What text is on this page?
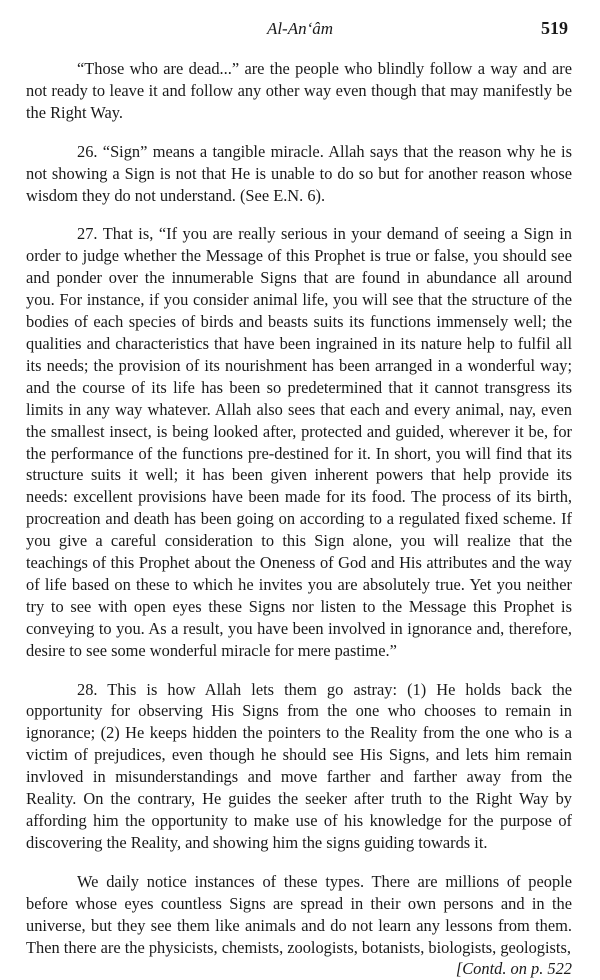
Al-An‘âm	519

“Those who are dead...” are the people who blindly follow a way and are not ready to leave it and follow any other way even though that may manifestly be the Right Way.

26. “Sign” means a tangible miracle. Allah says that the reason why he is not showing a Sign is not that He is unable to do so but for another reason whose wisdom they do not understand. (See E.N. 6).

27. That is, “If you are really serious in your demand of seeing a Sign in order to judge whether the Message of this Prophet is true or false, you should see and ponder over the innumerable Signs that are found in abundance all around you. For instance, if you consider animal life, you will see that the structure of the bodies of each species of birds and beasts suits its functions immensely well; the qualities and characteristics that have been ingrained in its nature help to fulfil all its needs; the provision of its nourishment has been arranged in a wonderful way; and the course of its life has been so predetermined that it cannot transgress its limits in any way whatever. Allah also sees that each and every animal, nay, even the smallest insect, is being looked after, protected and guided, wherever it be, for the performance of the functions pre-destined for it. In short, you will find that its structure suits it well; it has been given inherent powers that help provide its needs: excellent provisions have been made for its food. The process of its birth, procreation and death has been going on according to a regulated fixed scheme. If you give a careful consideration to this Sign alone, you will realize that the teachings of this Prophet about the Oneness of God and His attributes and the way of life based on these to which he invites you are absolutely true. Yet you neither try to see with open eyes these Signs nor listen to the Message this Prophet is conveying to you. As a result, you have been involved in ignorance and, therefore, desire to see some wonderful miracle for mere pastime.”

28. This is how Allah lets them go astray: (1) He holds back the opportunity for observing His Signs from the one who chooses to remain in ignorance; (2) He keeps hidden the pointers to the Reality from the one who is a victim of prejudices, even though he should see His Signs, and lets him remain invloved in misunderstandings and move farther and farther away from the Reality. On the contrary, He guides the seeker after truth to the Right Way by affording him the opportunity to make use of his knowledge for the purpose of discovering the Reality, and showing him the signs guiding towards it.

We daily notice instances of these types. There are millions of people before whose eyes countless Signs are spread in their own persons and in the universe, but they see them like animals and do not learn any lessons from them. Then there are the physicists, chemists, zoologists, botanists, biologists, geologists,

[Contd. on p. 522
